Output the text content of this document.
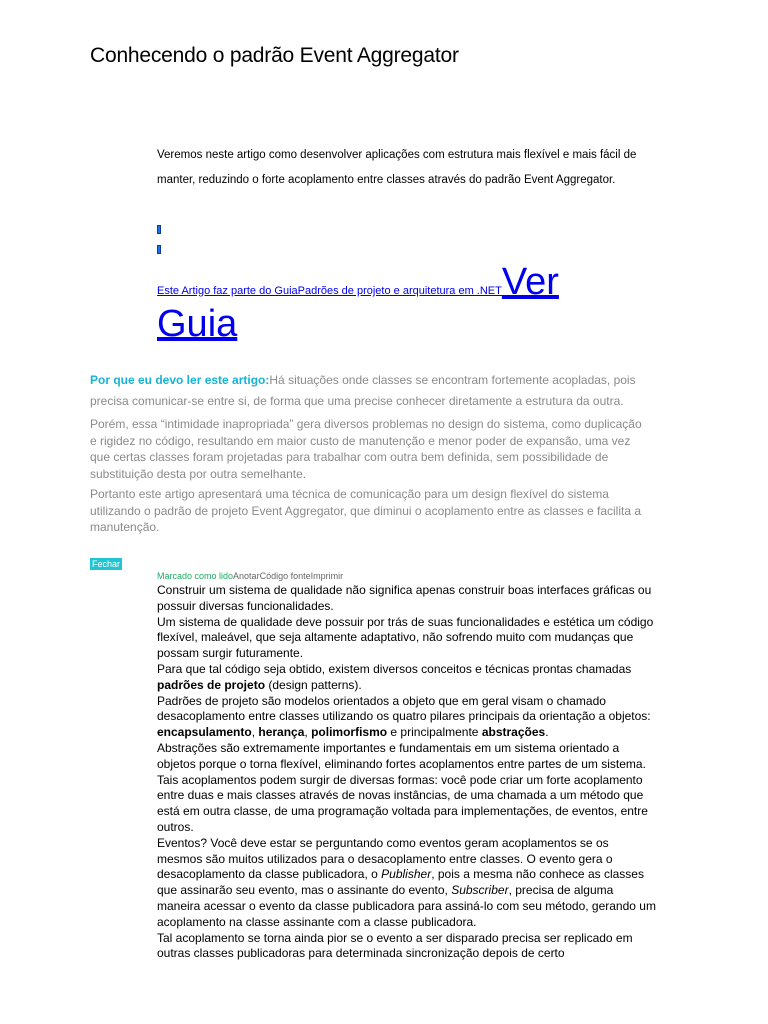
Conhecendo o padrão Event Aggregator
Veremos neste artigo como desenvolver aplicações com estrutura mais flexível e mais fácil de manter, reduzindo o forte acoplamento entre classes através do padrão Event Aggregator.
Este Artigo faz parte do GuiaPadrões de projeto e arquitetura em .NETVer
Guia

Por que eu devo ler este artigo:Há situações onde classes se encontram fortemente acopladas, pois precisa comunicar-se entre si, de forma que uma precise conhecer diretamente a estrutura da outra.

Porém, essa “intimidade inapropriada” gera diversos problemas no design do sistema, como duplicação e rigidez no código, resultando em maior custo de manutenção e menor poder de expansão, uma vez que certas classes foram projetadas para trabalhar com outra bem definida, sem possibilidade de substituição desta por outra semelhante.

Portanto este artigo apresentará uma técnica de comunicação para um design flexível do sistema utilizando o padrão de projeto Event Aggregator, que diminui o acoplamento entre as classes e facilita a manutenção.

Fechar
Marcado como lidoAnotarCódigo fonteImprimir

Construir um sistema de qualidade não significa apenas construir boas interfaces gráficas ou possuir diversas funcionalidades.

Um sistema de qualidade deve possuir por trás de suas funcionalidades e estética um código flexível, maleável, que seja altamente adaptativo, não sofrendo muito com mudanças que possam surgir futuramente.

Para que tal código seja obtido, existem diversos conceitos e técnicas prontas chamadas padrões de projeto (design patterns).

Padrões de projeto são modelos orientados a objeto que em geral visam o chamado desacoplamento entre classes utilizando os quatro pilares principais da orientação a objetos: encapsulamento, herança, polimorfismo e principalmente abstrações.

Abstrações são extremamente importantes e fundamentais em um sistema orientado a objetos porque o torna flexível, eliminando fortes acoplamentos entre partes de um sistema.

Tais acoplamentos podem surgir de diversas formas: você pode criar um forte acoplamento entre duas e mais classes através de novas instâncias, de uma chamada a um método que está em outra classe, de uma programação voltada para implementações, de eventos, entre outros.

Eventos? Você deve estar se perguntando como eventos geram acoplamentos se os mesmos são muitos utilizados para o desacoplamento entre classes. O evento gera o desacoplamento da classe publicadora, o Publisher, pois a mesma não conhece as classes que assinarão seu evento, mas o assinante do evento, Subscriber, precisa de alguma maneira acessar o evento da classe publicadora para assiná-lo com seu método, gerando um acoplamento na classe assinante com a classe publicadora.

Tal acoplamento se torna ainda pior se o evento a ser disparado precisa ser replicado em outras classes publicadoras para determinada sincronização depois de certo
